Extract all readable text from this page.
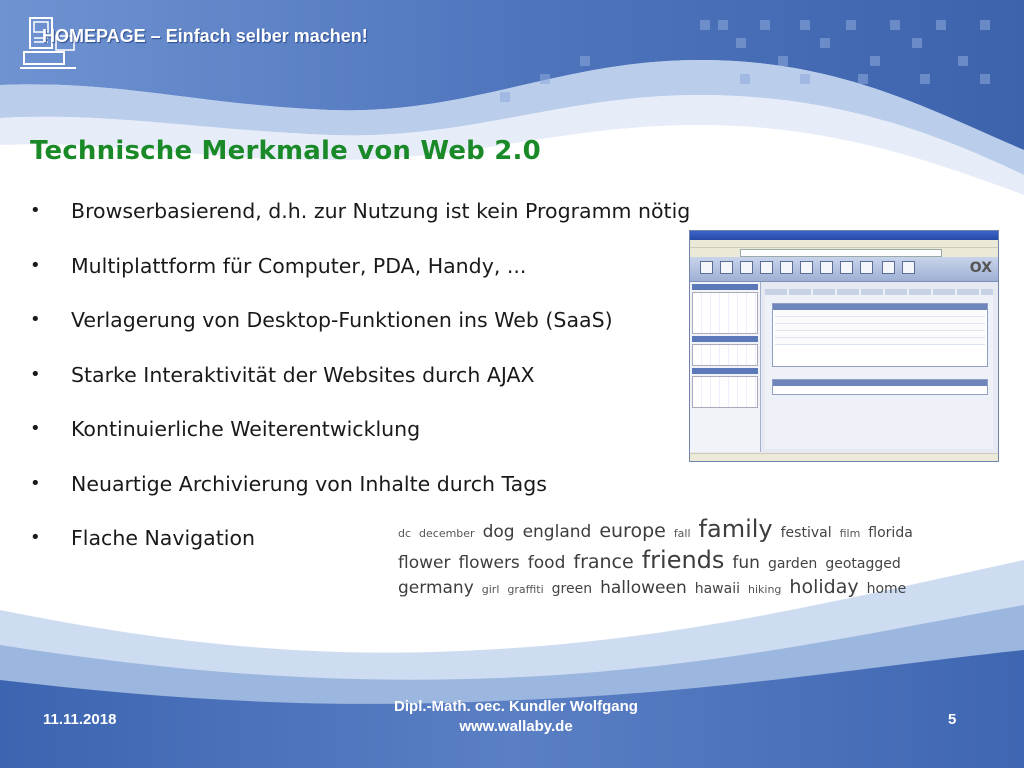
HOMEPAGE – Einfach selber machen!
Technische Merkmale von Web 2.0
• Browserbasierend, d.h. zur Nutzung ist kein Programm nötig
• Multiplattform für Computer, PDA, Handy, ...
• Verlagerung von Desktop-Funktionen ins Web (SaaS)
• Starke Interaktivität der Websites durch AJAX
• Kontinuierliche Weiterentwicklung
• Neuartige Archivierung von Inhalte durch Tags
• Flache Navigation
OX
dc december dog england europe fall family festival film florida
flower flowers food france friends fun garden geotagged
germany girl graffiti green halloween hawaii hiking holiday home
11.11.2018
Dipl.-Math. oec. Kundler Wolfgang
www.wallaby.de	5
